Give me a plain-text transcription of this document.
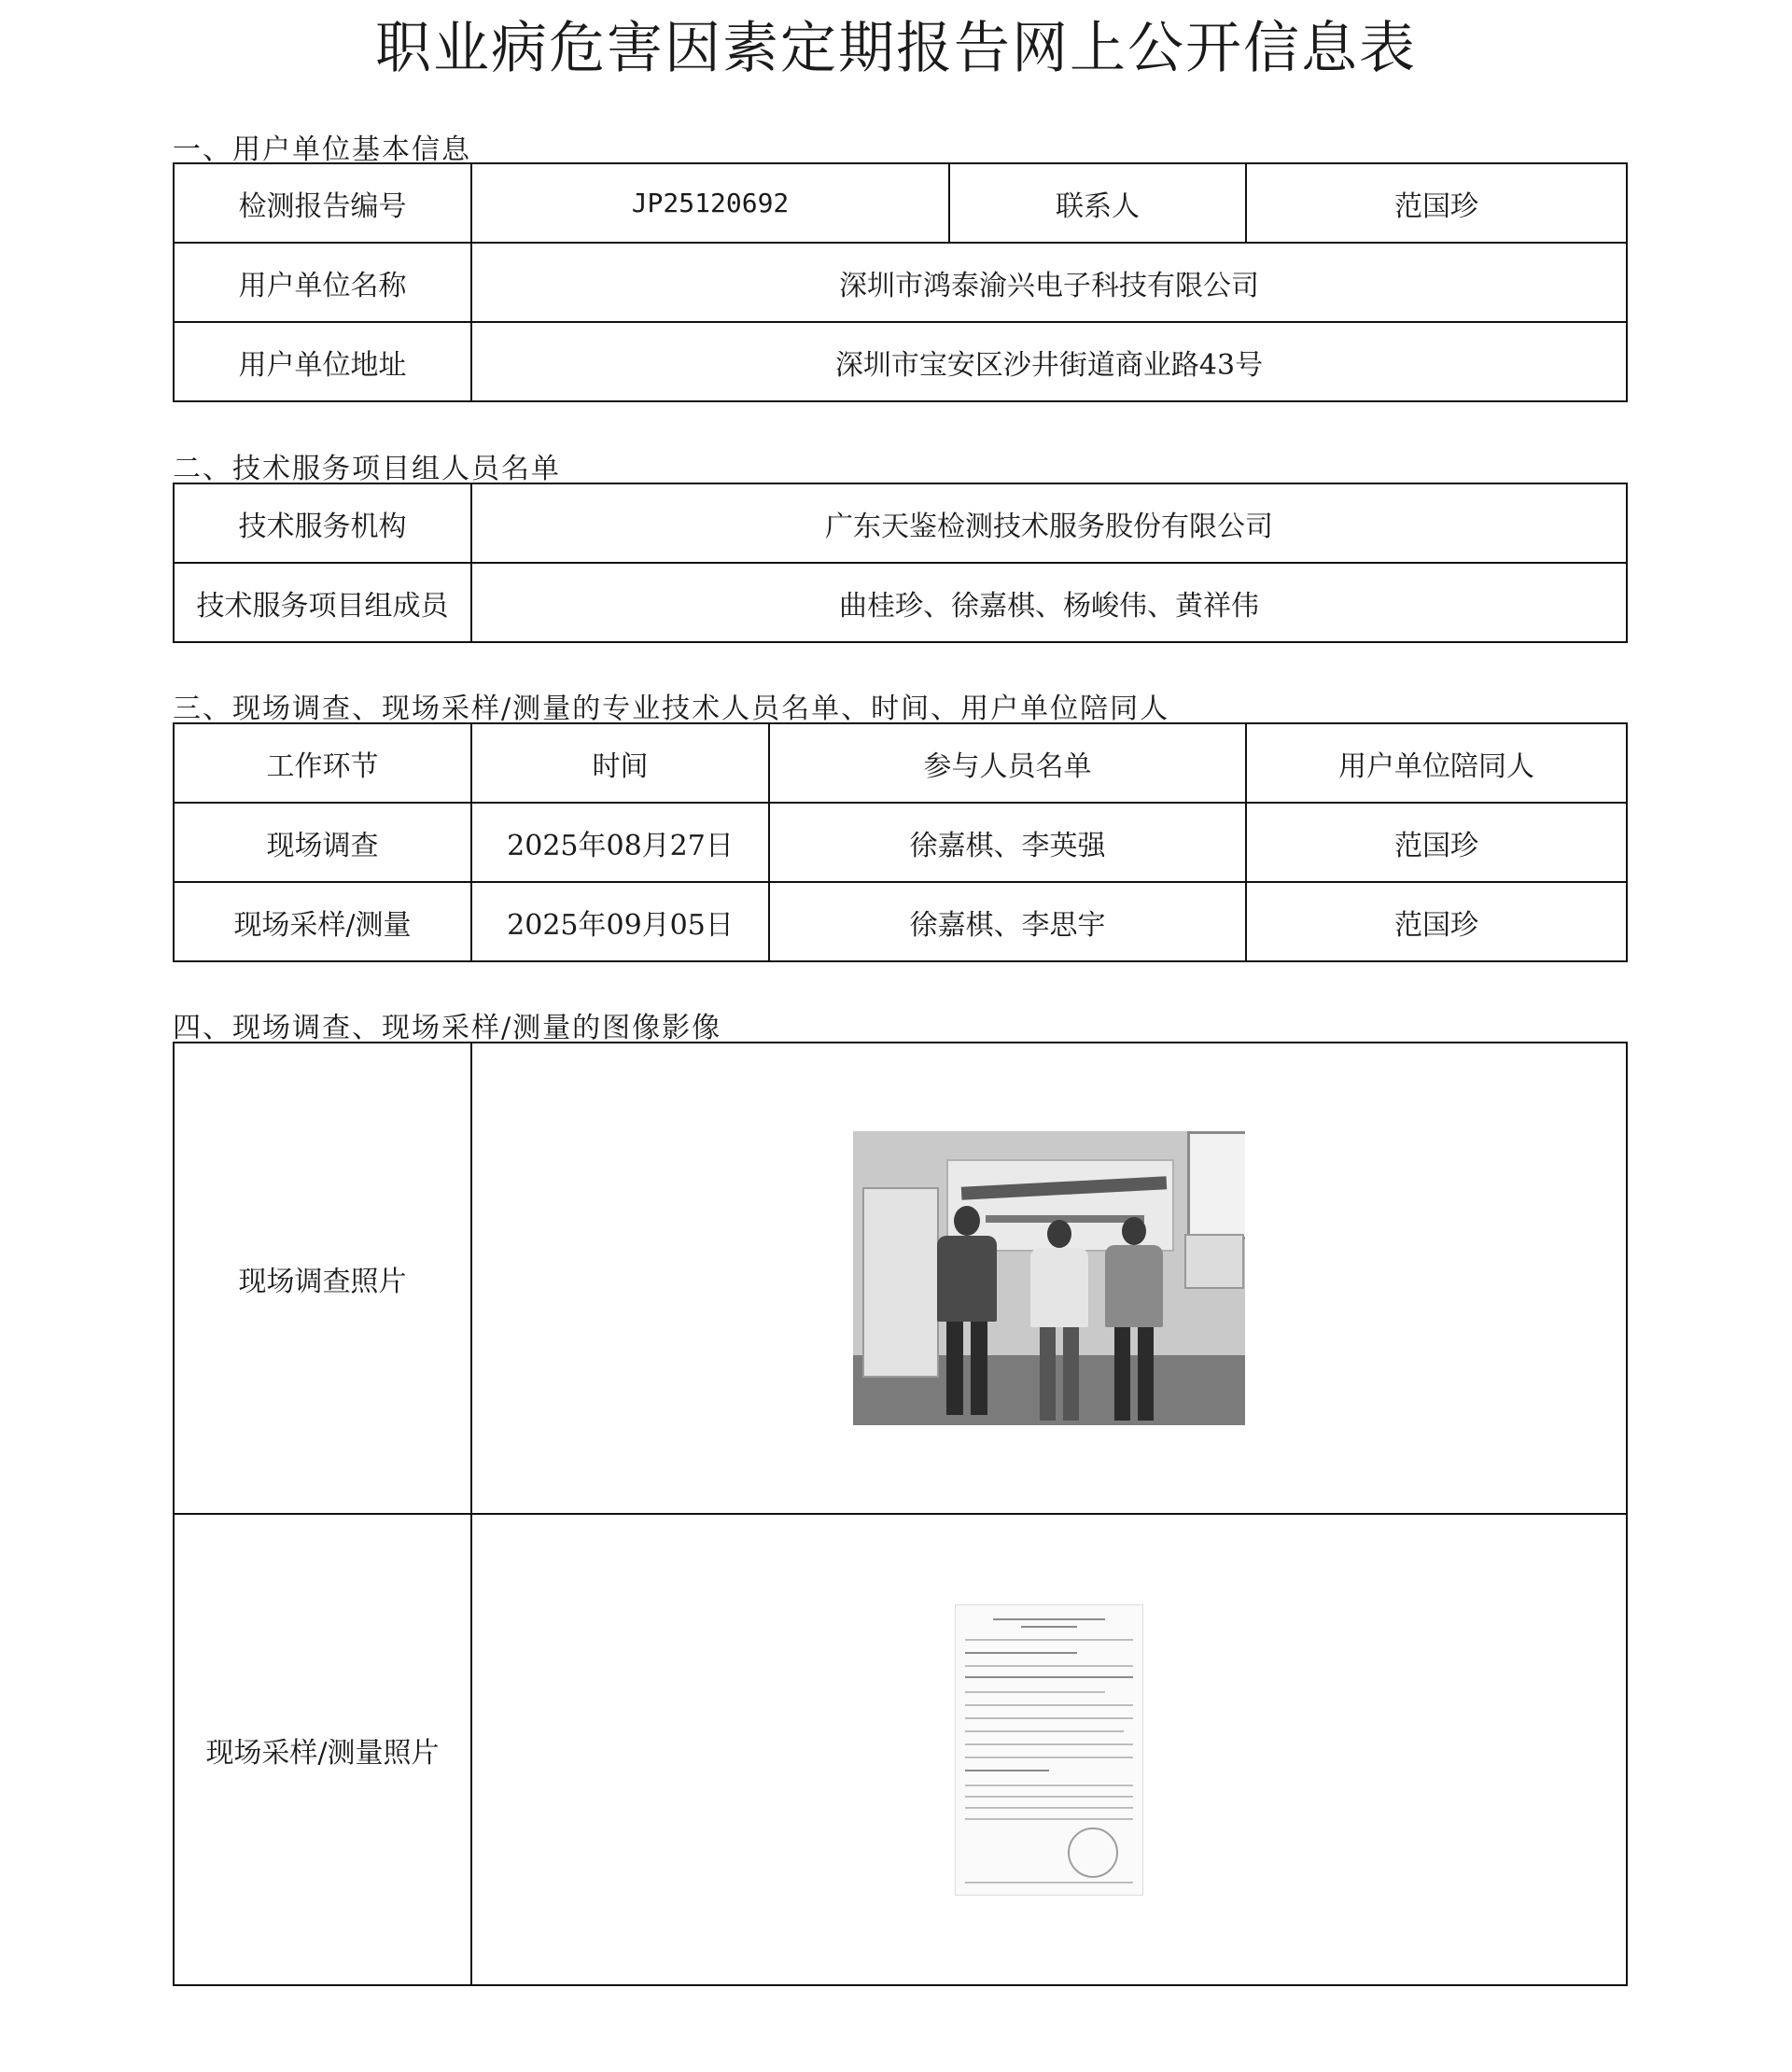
职业病危害因素定期报告网上公开信息表
一、用户单位基本信息
检测报告编号	JP25120692	联系人	范国珍
用户单位名称	深圳市鸿泰渝兴电子科技有限公司		
用户单位地址	深圳市宝安区沙井街道商业路43号		
二、技术服务项目组人员名单
技术服务机构	广东天鉴检测技术服务股份有限公司
技术服务项目组成员	曲桂珍、徐嘉棋、杨峻伟、黄祥伟
三、现场调查、现场采样/测量的专业技术人员名单、时间、用户单位陪同人
工作环节	时间	参与人员名单	用户单位陪同人
现场调查	2025年08月27日	徐嘉棋、李英强	范国珍
现场采样/测量	2025年09月05日	徐嘉棋、李思宇	范国珍
四、现场调查、现场采样/测量的图像影像
现场调查照片	

现场采样/测量照片	
